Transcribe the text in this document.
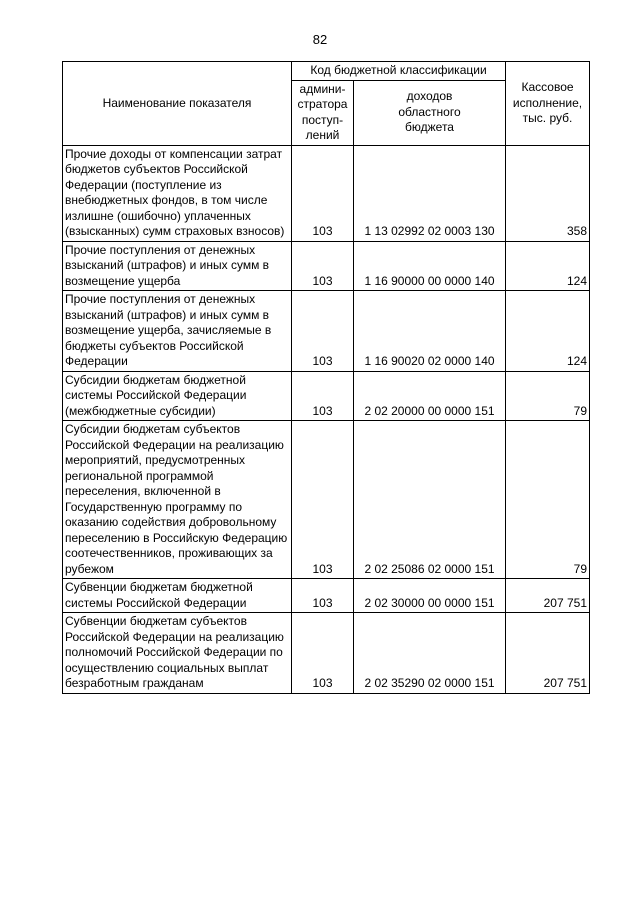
82
Наименование показателя	Код бюджетной классификации		Кассовое
исполнение,
тыс. руб.
	админи-
стратора
поступ-
лений	доходов
областного
бюджета	
Прочие доходы от компенсации затрат бюджетов субъектов Российской Федерации (поступление из внебюджетных фондов, в том числе излишне (ошибочно) уплаченных (взысканных) сумм страховых взносов)	103	1 13 02992 02 0003 130	358
Прочие поступления от денежных взысканий (штрафов) и иных сумм в возмещение ущерба	103	1 16 90000 00 0000 140	124
Прочие поступления от денежных взысканий (штрафов) и иных сумм в возмещение ущерба, зачисляемые в бюджеты субъектов Российской Федерации	103	1 16 90020 02 0000 140	124
Субсидии бюджетам бюджетной системы Российской Федерации (межбюджетные субсидии)	103	2 02 20000 00 0000 151	79
Субсидии бюджетам субъектов Российской Федерации на реализацию мероприятий, предусмотренных региональной программой переселения, включенной в Государственную программу по оказанию содействия добровольному переселению в Российскую Федерацию соотечественников, проживающих за рубежом	103	2 02 25086 02 0000 151	79
Субвенции бюджетам бюджетной системы Российской Федерации	103	2 02 30000 00 0000 151	207 751
Субвенции бюджетам субъектов Российской Федерации на реализацию полномочий Российской Федерации по осуществлению социальных выплат безработным гражданам	103	2 02 35290 02 0000 151	207 751
